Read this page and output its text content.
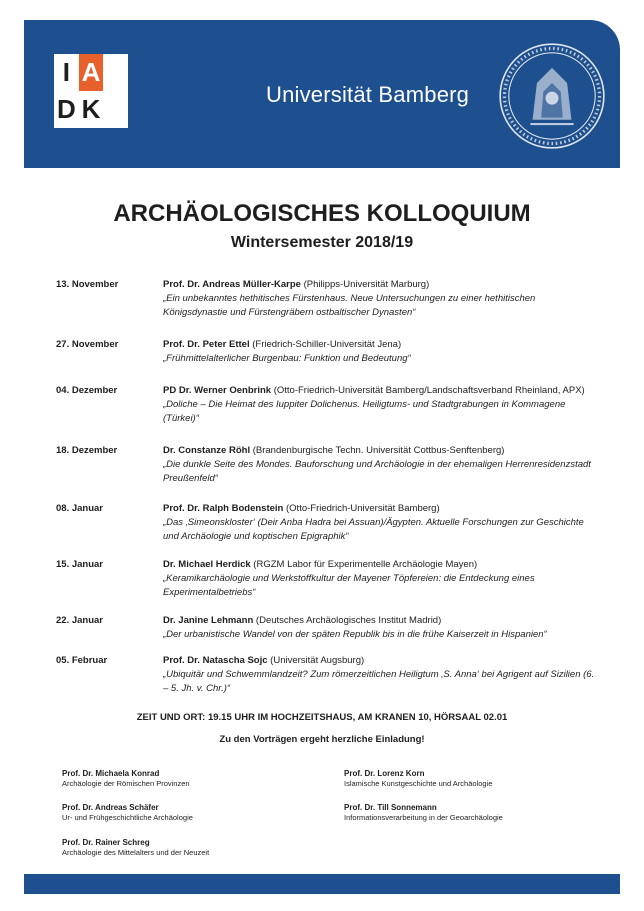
I A
D K	Universität Bamberg
ARCHÄOLOGISCHES KOLLOQUIUM
Wintersemester 2018/19
13. November	Prof. Dr. Andreas Müller-Karpe (Philipps-Universität Marburg)
„Ein unbekanntes hethitisches Fürstenhaus. Neue Untersuchungen zu einer hethitischen Königsdynastie und Fürstengräbern ostbaltischer Dynasten“
27. November	Prof. Dr. Peter Ettel (Friedrich-Schiller-Universität Jena)
„Frühmittelalterlicher Burgenbau: Funktion und Bedeutung“
04. Dezember	PD Dr. Werner Oenbrink (Otto-Friedrich-Universität Bamberg/Landschaftsverband Rheinland, APX)
„Doliche – Die Heimat des Iuppiter Dolichenus. Heiligtums- und Stadtgrabungen in Kommagene (Türkei)“
18. Dezember	Dr. Constanze Röhl (Brandenburgische Techn. Universität Cottbus-Senftenberg)
„Die dunkle Seite des Mondes. Bauforschung und Archäologie in der ehemaligen Herrenresidenzstadt Preußenfeld“
08. Januar	Prof. Dr. Ralph Bodenstein (Otto-Friedrich-Universität Bamberg)
„Das ‚Simeonskloster‘ (Deir Anba Hadra bei Assuan)/Ägypten. Aktuelle Forschungen zur Geschichte und Archäologie und koptischen Epigraphik“
15. Januar	Dr. Michael Herdick (RGZM Labor für Experimentelle Archäologie Mayen)
„Keramikarchäologie und Werkstoffkultur der Mayener Töpfereien: die Entdeckung eines Experimentalbetriebs“
22. Januar	Dr. Janine Lehmann (Deutsches Archäologisches Institut Madrid)
„Der urbanistische Wandel von der späten Republik bis in die frühe Kaiserzeit in Hispanien“
05. Februar	Prof. Dr. Natascha Sojc (Universität Augsburg)
„Ubiquitär und Schwemmlandzeit? Zum römerzeitlichen Heiligtum ‚S. Anna‘ bei Agrigent auf Sizilien (6. – 5. Jh. v. Chr.)“
ZEIT UND ORT: 19.15 UHR IM HOCHZEITSHAUS, AM KRANEN 10, HÖRSAAL 02.01
Zu den Vorträgen ergeht herzliche Einladung!
Prof. Dr. Michaela Konrad
Archäologie der Römischen Provinzen
Prof. Dr. Andreas Schäfer
Ur- und Frühgeschichtliche Archäologie
Prof. Dr. Rainer Schreg
Archäologie des Mittelalters und der Neuzeit
Prof. Dr. Lorenz Korn
Islamische Kunstgeschichte und Archäologie
Prof. Dr. Till Sonnemann
Informationsverarbeitung in der Geoarchäologie
